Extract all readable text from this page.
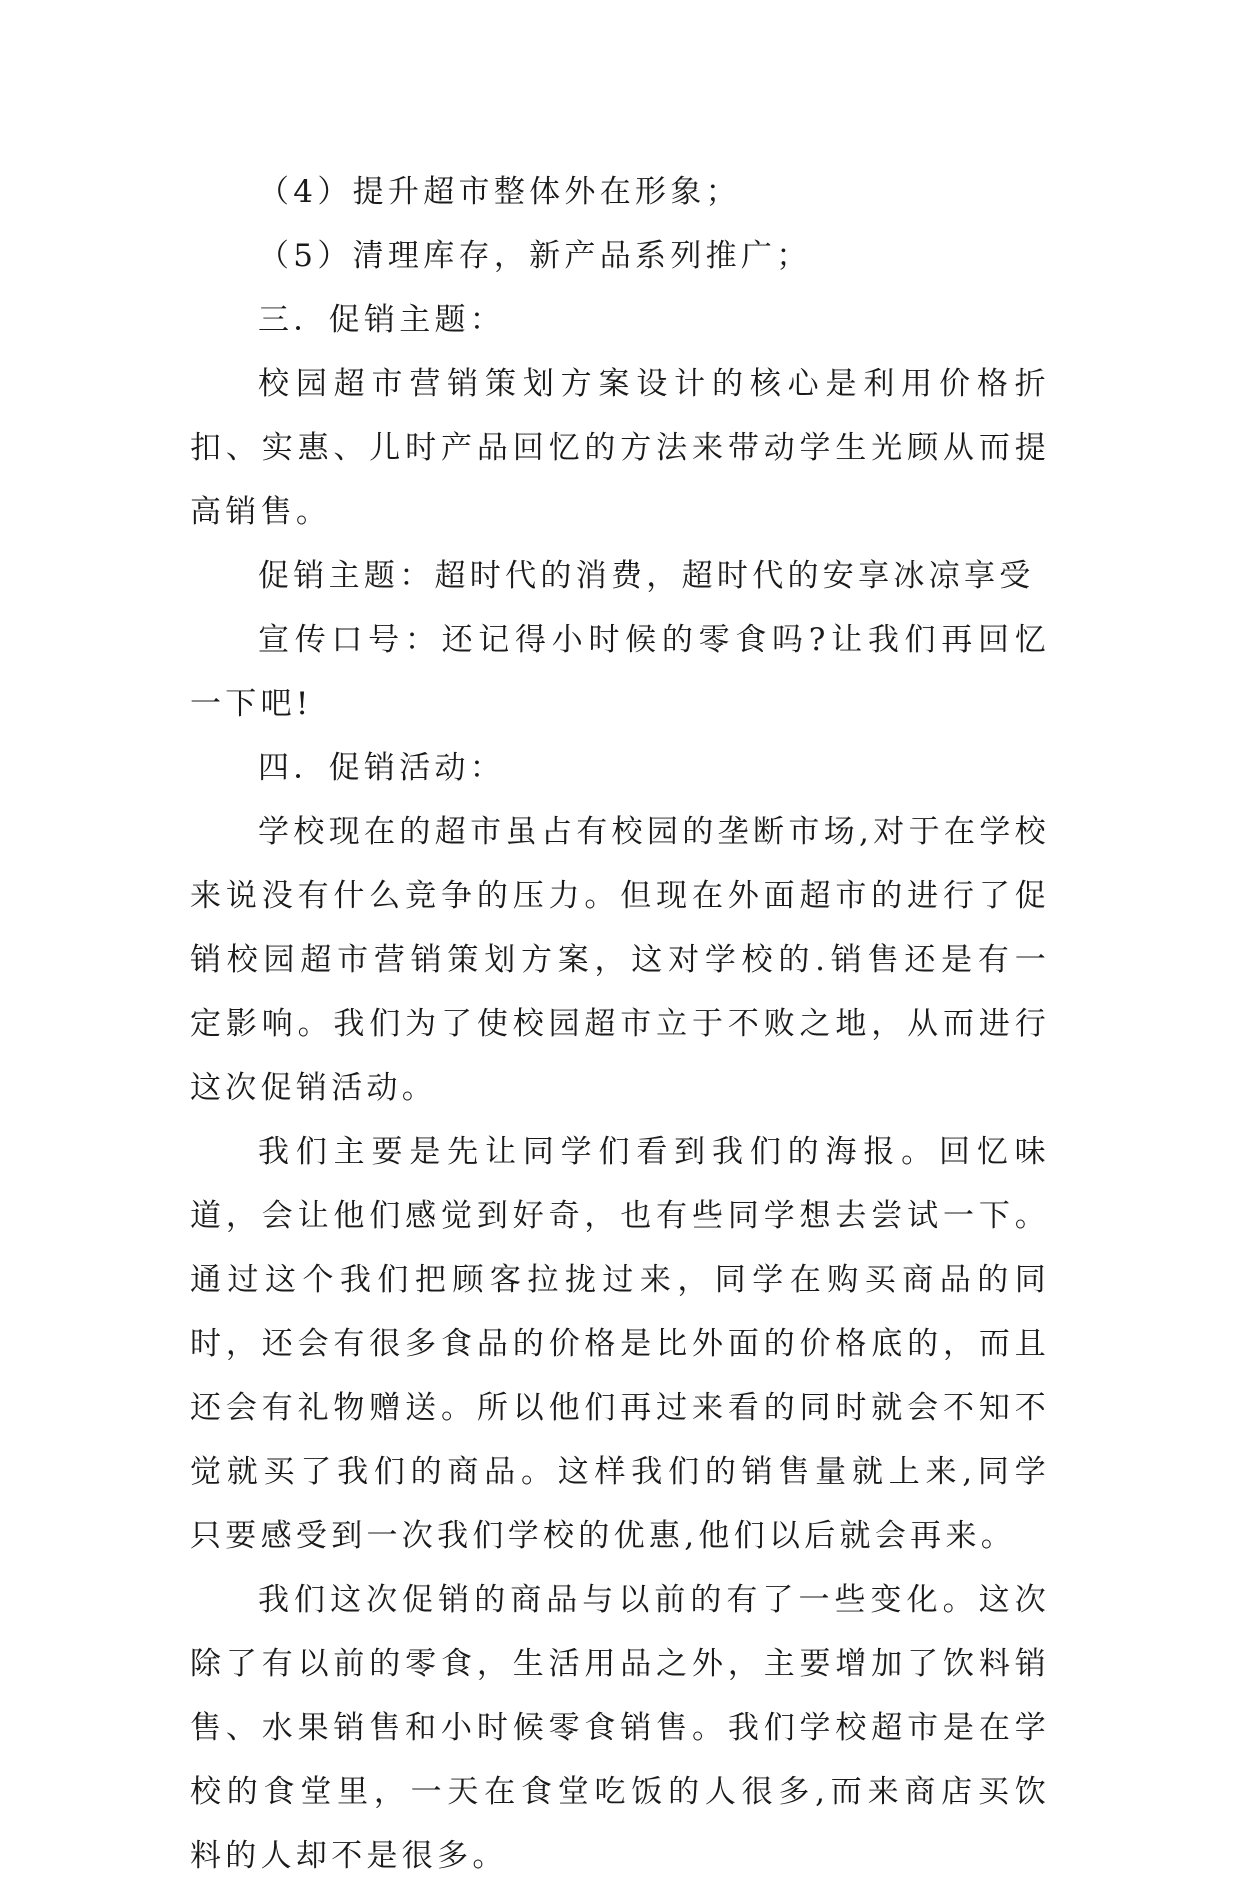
（4）提升超市整体外在形象；

（5）清理库存，新产品系列推广；

三．促销主题：

校园超市营销策划方案设计的核心是利用价格折扣、实惠、儿时产品回忆的方法来带动学生光顾从而提高销售。

促销主题：超时代的消费，超时代的安享冰凉享受

宣传口号：还记得小时候的零食吗?让我们再回忆一下吧!

四．促销活动：

学校现在的超市虽占有校园的垄断市场,对于在学校来说没有什么竞争的压力。但现在外面超市的进行了促销校园超市营销策划方案，这对学校的.销售还是有一定影响。我们为了使校园超市立于不败之地，从而进行这次促销活动。

我们主要是先让同学们看到我们的海报。回忆味道，会让他们感觉到好奇，也有些同学想去尝试一下。通过这个我们把顾客拉拢过来，同学在购买商品的同时，还会有很多食品的价格是比外面的价格底的，而且还会有礼物赠送。所以他们再过来看的同时就会不知不觉就买了我们的商品。这样我们的销售量就上来,同学只要感受到一次我们学校的优惠,他们以后就会再来。

我们这次促销的商品与以前的有了一些变化。这次除了有以前的零食，生活用品之外，主要增加了饮料销售、水果销售和小时候零食销售。我们学校超市是在学校的食堂里，一天在食堂吃饭的人很多,而来商店买饮料的人却不是很多。
